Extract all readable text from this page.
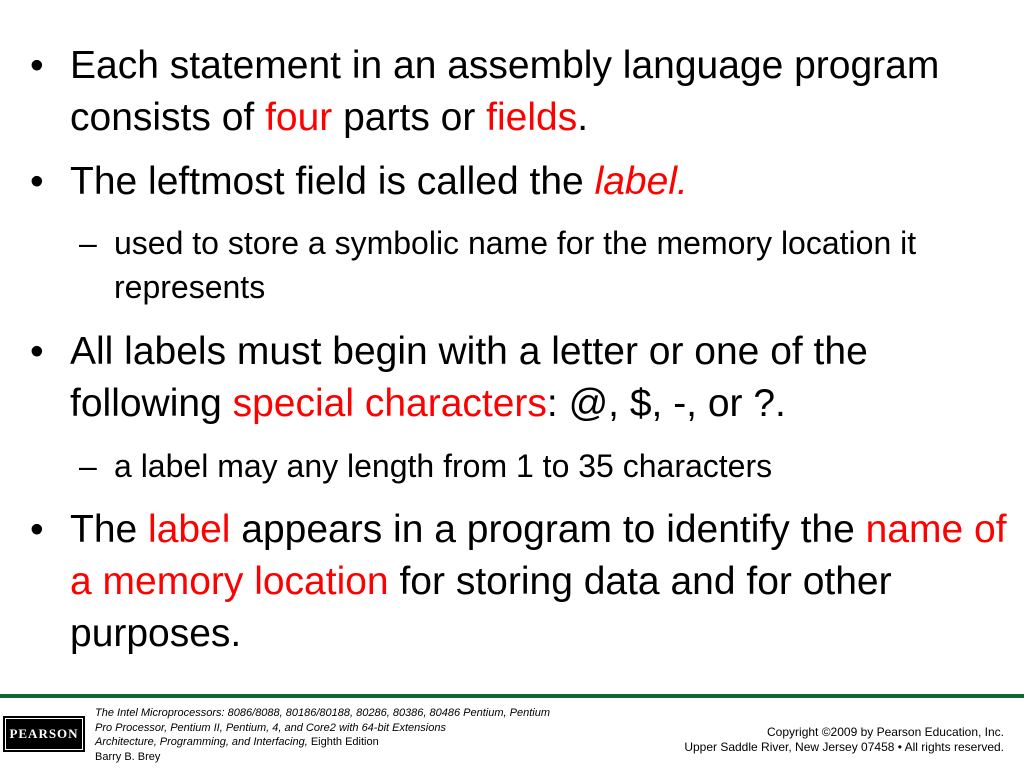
• Each statement in an assembly language program consists of four parts or fields.
• The leftmost field is called the label.
– used to store a symbolic name for the memory location it represents
• All labels must begin with a letter or one of the following special characters: @, $, -, or ?.
– a label may any length from 1 to 35 characters
• The label appears in a program to identify the name of a memory location for storing data and for other purposes.
PEARSON
The Intel Microprocessors: 8086/8088, 80186/80188, 80286, 80386, 80486 Pentium, Pentium Pro Processor, Pentium II, Pentium, 4, and Core2 with 64-bit Extensions
Architecture, Programming, and Interfacing, Eighth Edition
Barry B. Brey
Copyright ©2009 by Pearson Education, Inc.
Upper Saddle River, New Jersey 07458 • All rights reserved.
